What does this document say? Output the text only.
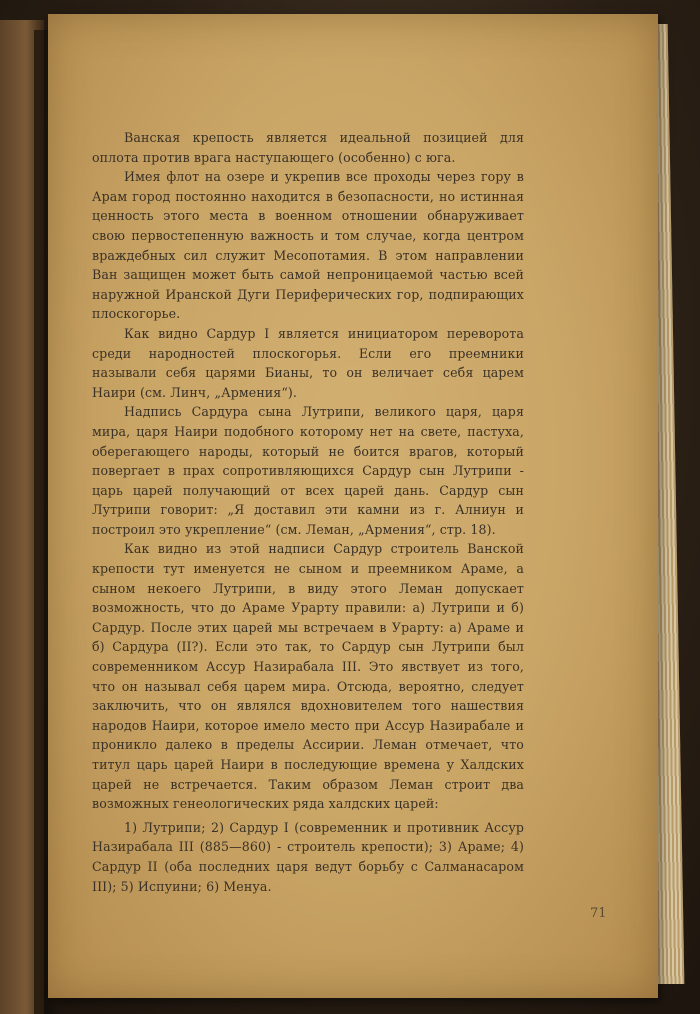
Ванская крепость является идеальной позицией для оплота против врага наступающего (особенно) с юга.

Имея флот на озере и укрепив все проходы через гору в Арам город постоянно находится в безопасности, но истинная ценность этого места в военном отношении обнаруживает свою первостепенную важность и том случае, когда центром враждебных сил служит Месопотамия. В этом направлении Ван защищен может быть самой непроницаемой частью всей наружной Иранской Дуги Периферических гор, подпирающих плоскогорье.

Как видно Сардур I является инициатором переворота среди народностей плоскогорья. Если его преемники называли себя царями Бианы, то он величает себя царем Наири (см. Линч, „Армения“).

Надпись Сардура сына Лутрипи, великого царя, царя мира, царя Наири подобного которому нет на свете, пастуха, оберегающего народы, который не боится врагов, который повергает в прах сопротивляющихся Сардур сын Лутрипи - царь царей получающий от всех царей дань. Сардур сын Лутрипи говорит: „Я доставил эти камни из г. Алниун и построил это укрепление“ (см. Леман, „Армения“, стр. 18).

Как видно из этой надписи Сардур строитель Ванской крепости тут именуется не сыном и преемником Араме, а сыном некоего Лутрипи, в виду этого Леман допускает возможность, что до Араме Урарту правили: а) Лутрипи и б) Сардур. После этих царей мы встречаем в Урарту: а) Араме и б) Сардура (II?). Если это так, то Сардур сын Лутрипи был современником Ассур Назирабала III. Это явствует из того, что он называл себя царем мира. Отсюда, вероятно, следует заключить, что он являлся вдохновителем того нашествия народов Наири, которое имело место при Ассур Назирабале и проникло далеко в пределы Ассирии. Леман отмечает, что титул царь царей Наири в последующие времена у Халдских царей не встречается. Таким образом Леман строит два возможных генеологических ряда халдских царей:

1) Лутрипи; 2) Сардур I (современник и противник Ассур Назирабала III (885—860) - строитель крепости); 3) Араме; 4) Сардур II (оба последних царя ведут борьбу с Салманасаром III); 5) Испуини; 6) Менуа.

71
